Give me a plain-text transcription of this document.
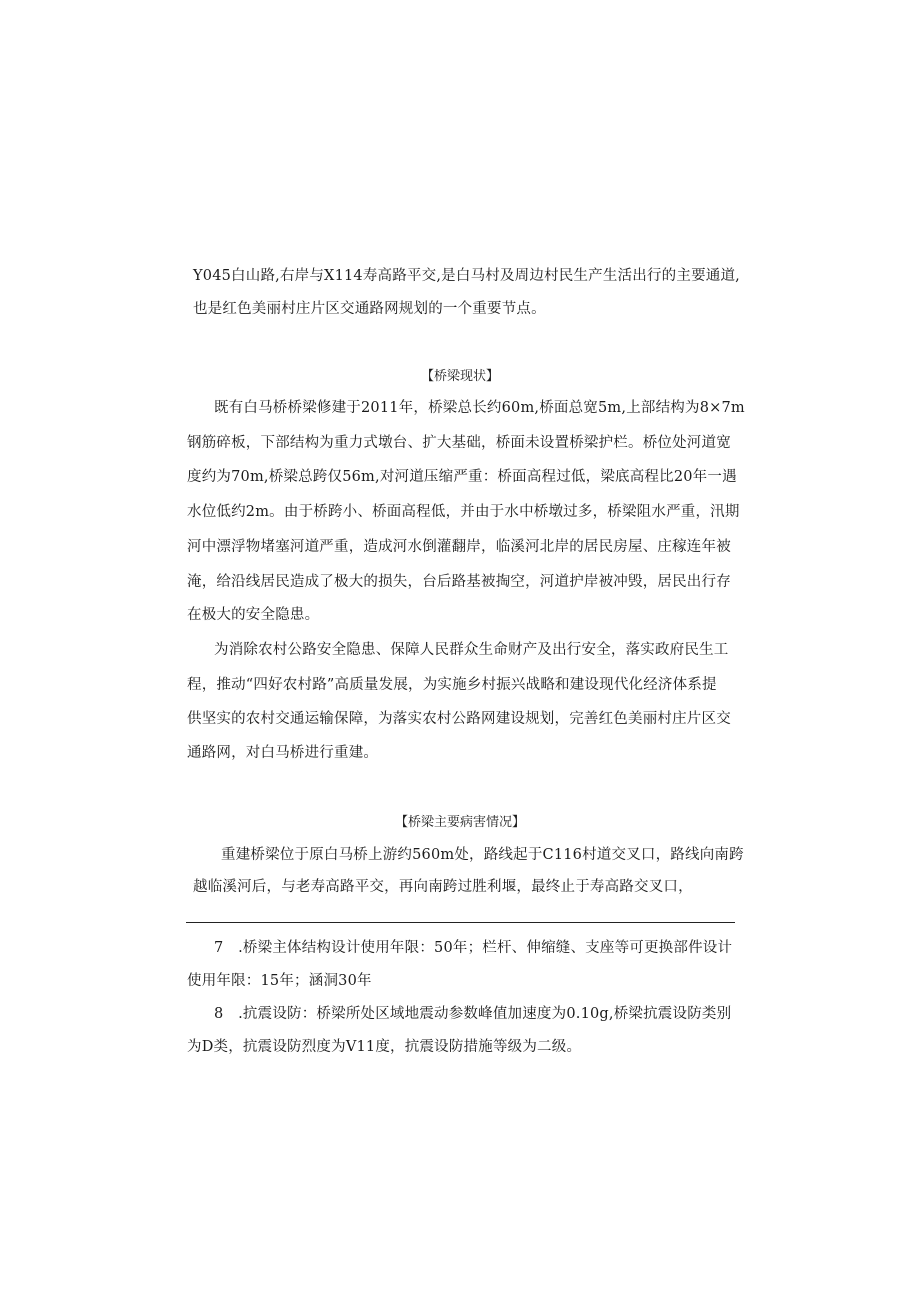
Y045白山路,右岸与X114寿高路平交,是白马村及周边村民生产生活出行的主要通道,
也是红色美丽村庄片区交通路网规划的一个重要节点。
【桥梁现状】
既有白马桥桥梁修建于2011年，桥梁总长约60m,桥面总宽5m,上部结构为8×7m
钢筋碎板，下部结构为重力式墩台、扩大基础，桥面未设置桥梁护栏。桥位处河道宽
度约为70m,桥梁总跨仅56m,对河道压缩严重：桥面高程过低，梁底高程比20年一遇
水位低约2m。由于桥跨小、桥面高程低，并由于水中桥墩过多，桥梁阻水严重，汛期
河中漂浮物堵塞河道严重，造成河水倒灌翻岸，临溪河北岸的居民房屋、庄稼连年被
淹，给沿线居民造成了极大的损失，台后路基被掏空，河道护岸被冲毁，居民出行存
在极大的安全隐患。
为消除农村公路安全隐患、保障人民群众生命财产及出行安全，落实政府民生工
程，推动“四好农村路”高质量发展，为实施乡村振兴战略和建设现代化经济体系提
供坚实的农村交通运输保障，为落实农村公路网建设规划，完善红色美丽村庄片区交
通路网，对白马桥进行重建。
【桥梁主要病害情况】
重建桥梁位于原白马桥上游约560m处，路线起于C116村道交叉口，路线向南跨
越临溪河后，与老寿高路平交，再向南跨过胜利堰，最终止于寿高路交叉口，
7　.桥梁主体结构设计使用年限：50年；栏杆、伸缩缝、支座等可更换部件设计
使用年限：15年；涵洞30年
8　.抗震设防：桥梁所处区域地震动参数峰值加速度为0.10g,桥梁抗震设防类别
为D类，抗震设防烈度为V11度，抗震设防措施等级为二级。
